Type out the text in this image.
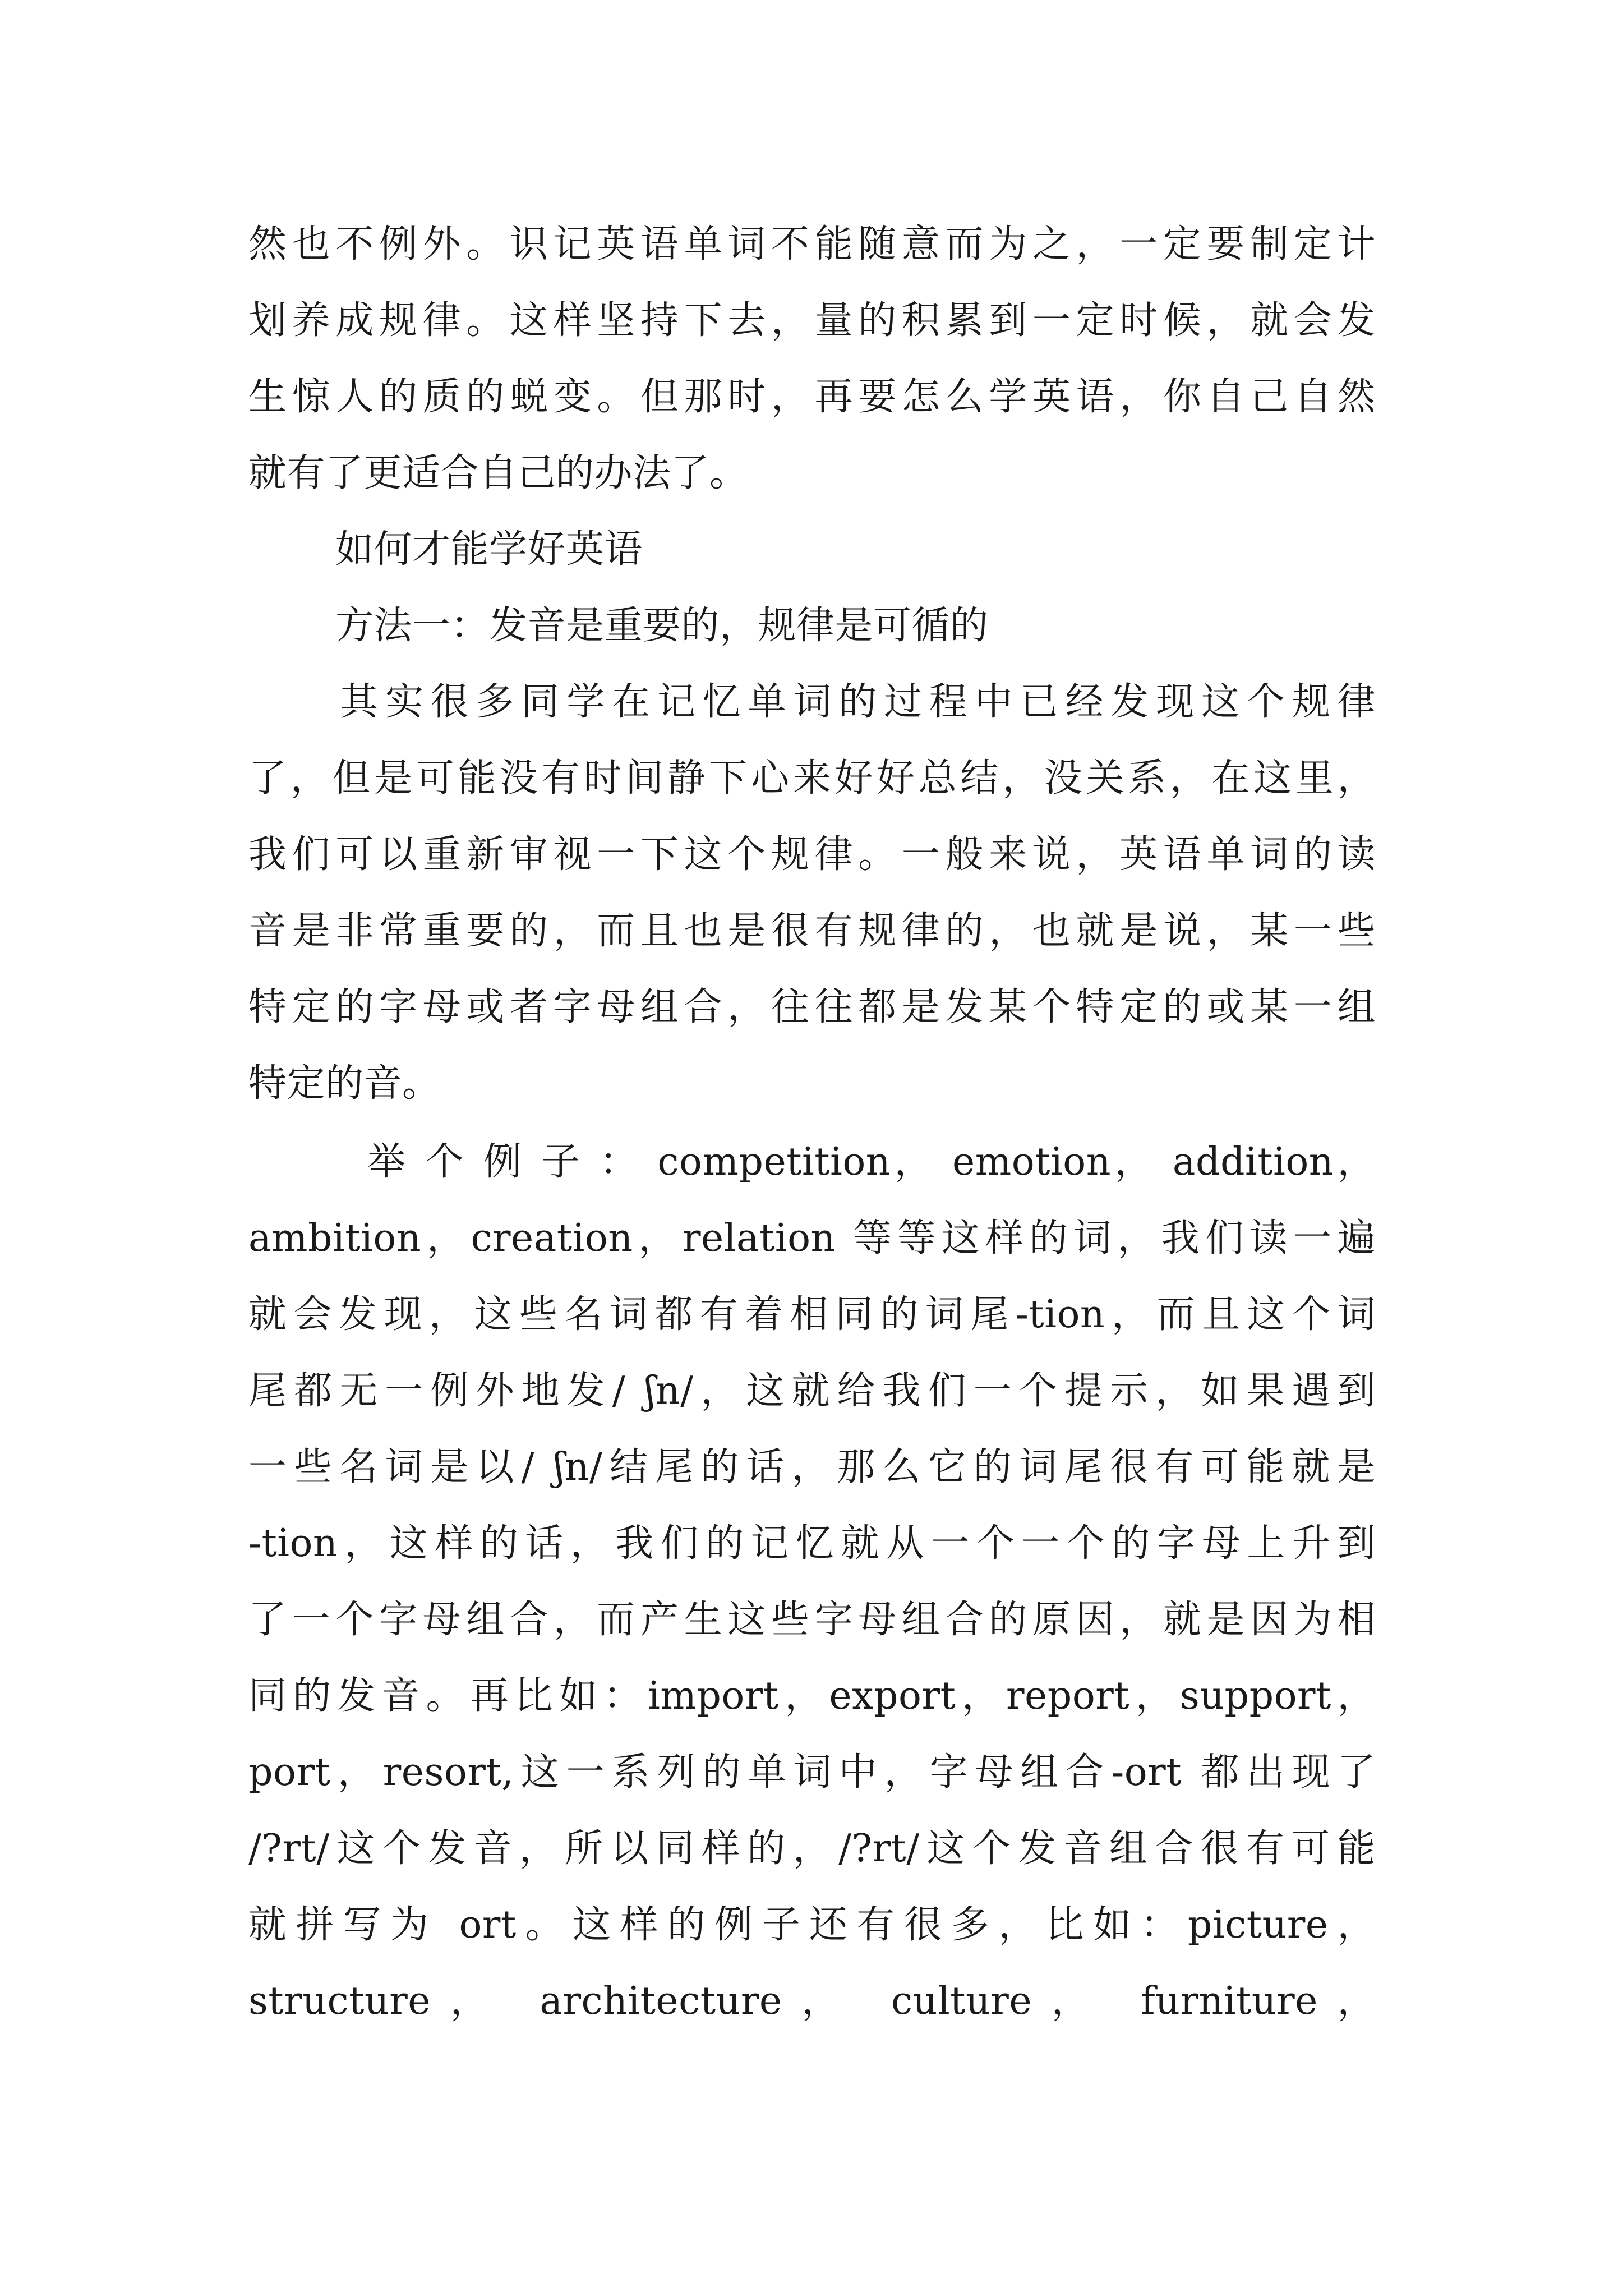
然也不例外。识记英语单词不能随意而为之，一定要制定计

划养成规律。这样坚持下去，量的积累到一定时候，就会发

生惊人的质的蜕变。但那时，再要怎么学英语，你自己自然

就有了更适合自己的办法了。

如何才能学好英语

方法一：发音是重要的，规律是可循的

其实很多同学在记忆单词的过程中已经发现这个规律

了，但是可能没有时间静下心来好好总结，没关系，在这里，

我们可以重新审视一下这个规律。一般来说，英语单词的读

音是非常重要的，而且也是很有规律的，也就是说，某一些

特定的字母或者字母组合，往往都是发某个特定的或某一组

特定的音。

举 个 例 子 ： competition， emotion， addition，

ambition，creation，relation 等等这样的词，我们读一遍

就会发现，这些名词都有着相同的词尾-tion，而且这个词

尾都无一例外地发/ ʃn/，这就给我们一个提示，如果遇到

一些名词是以/ ʃn/结尾的话，那么它的词尾很有可能就是

-tion，这样的话，我们的记忆就从一个一个的字母上升到

了一个字母组合，而产生这些字母组合的原因，就是因为相

同的发音。再比如：import，export，report，support，

port，resort,这一系列的单词中，字母组合-ort 都出现了

/?rt/这个发音，所以同样的，/?rt/这个发音组合很有可能

就拼写为 ort。这样的例子还有很多，比如：picture，

structure， architecture， culture， furniture，
